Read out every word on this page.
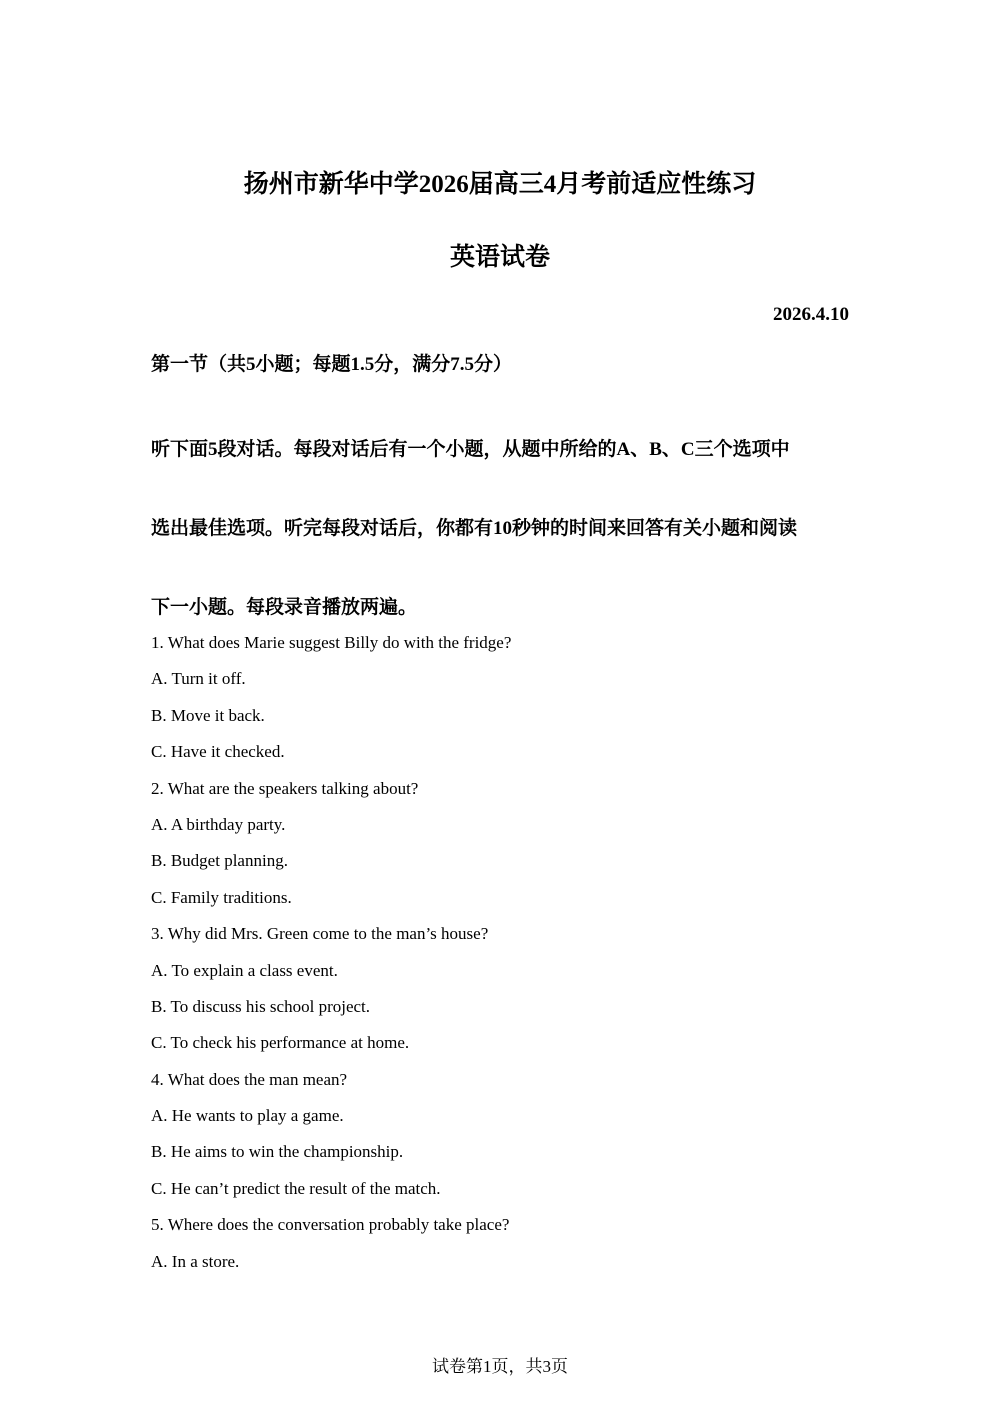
扬州市新华中学2026届高三4月考前适应性练习
英语试卷
2026.4.10
第一节（共5小题；每题1.5分，满分7.5分）
听下面5段对话。每段对话后有一个小题，从题中所给的A、B、C三个选项中
选出最佳选项。听完每段对话后，你都有10秒钟的时间来回答有关小题和阅读
下一小题。每段录音播放两遍。
1. What does Marie suggest Billy do with the fridge?
A. Turn it off.
B. Move it back.
C. Have it checked.
2. What are the speakers talking about?
A. A birthday party.
B. Budget planning.
C. Family traditions.
3. Why did Mrs. Green come to the man’s house?
A. To explain a class event.
B. To discuss his school project.
C. To check his performance at home.
4. What does the man mean?
A. He wants to play a game.
B. He aims to win the championship.
C. He can’t predict the result of the match.
5. Where does the conversation probably take place?
A. In a store.
试卷第1页，共3页
